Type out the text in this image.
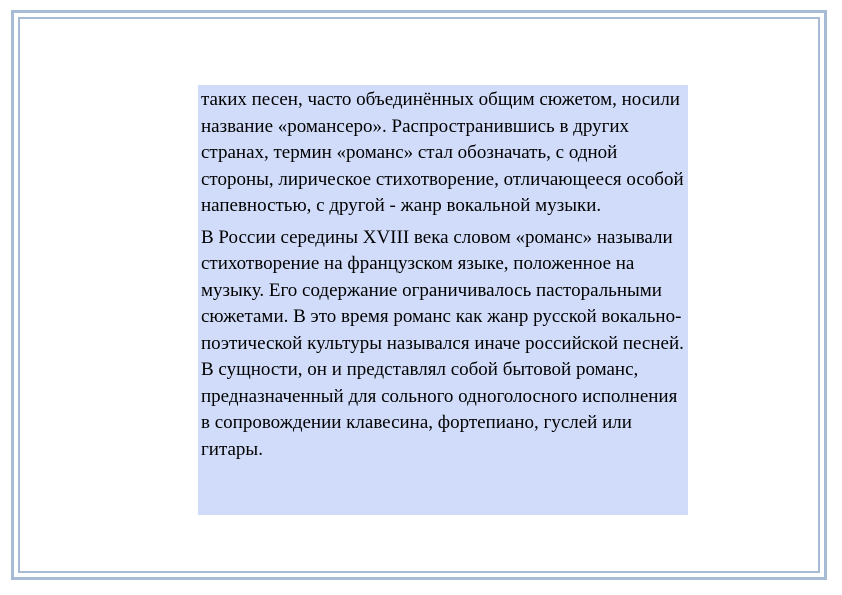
таких песен, часто объединённых общим сюжетом, носили название «романсеро». Распространившись в других странах, термин «романс» стал обозначать, с одной стороны, лирическое стихотворение, отличающееся особой напевностью, с другой - жанр вокальной музыки.

В России середины XVIII века словом «романс» называли стихотворение на французском языке, положенное на музыку. Его содержание ограничивалось пасторальными сюжетами. В это время романс как жанр русской вокально-поэтической культуры назывался иначе российской песней. В сущности, он и представлял собой бытовой романс, предназначенный для сольного одноголосного исполнения в сопровождении клавесина, фортепиано, гуслей или гитары.
